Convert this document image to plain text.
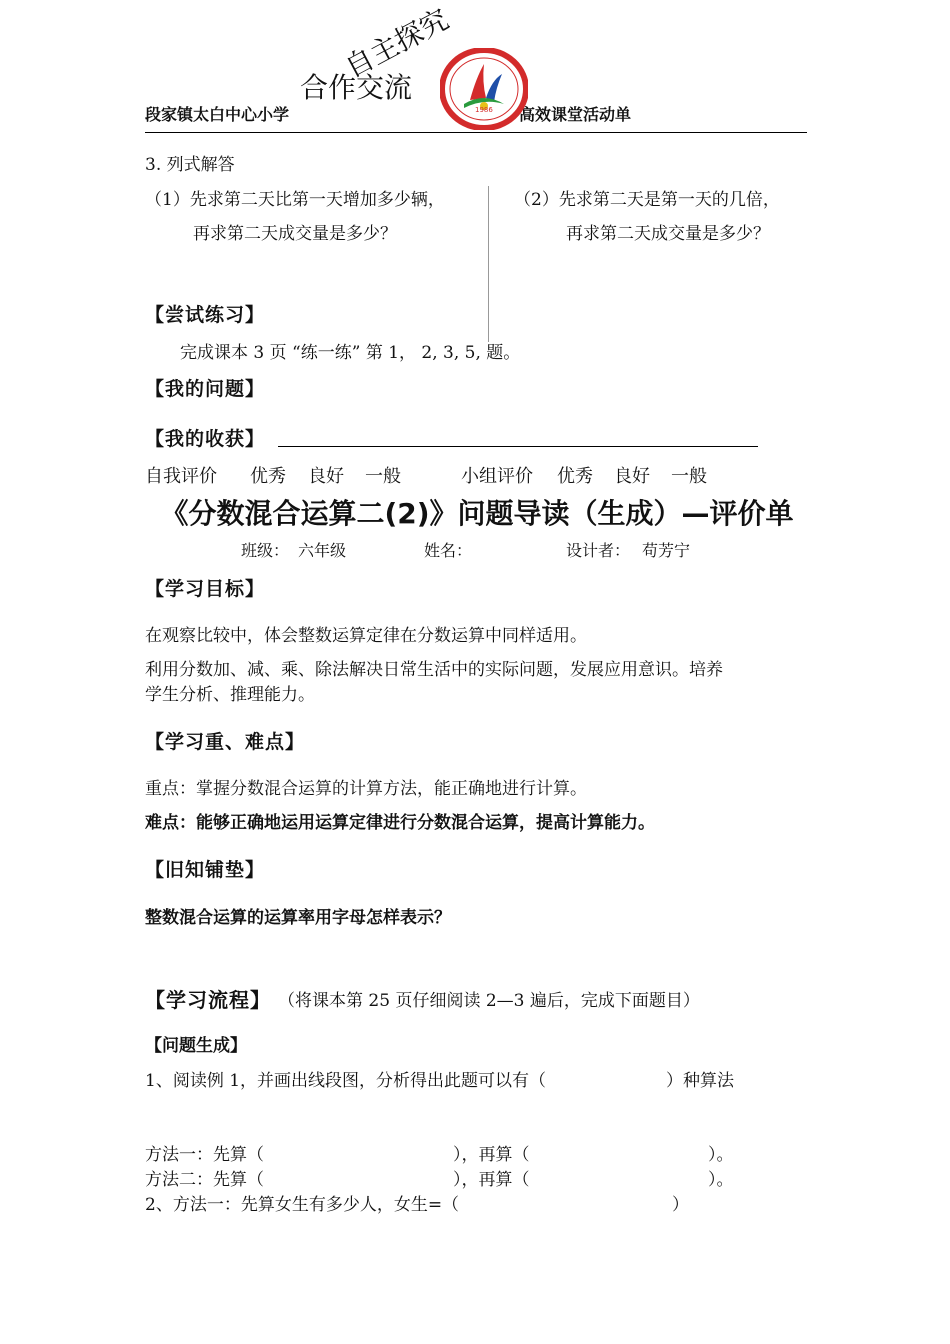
段家镇太白中心小学	高效课堂活动单
合作交流
自主探究
1986
3. 列式解答
（1）先求第二天比第一天增加多少辆，
再求第二天成交量是多少？
（2）先求第二天是第一天的几倍，
再求第二天成交量是多少？
【尝试练习】
完成课本 3 页 “练一练” 第 1， 2, 3, 5, 题。
【我的问题】
【我的收获】
自我评价 优秀 良好 一般	小组评价 优秀 良好 一般
《分数混合运算二(2)》问题导读（生成）—评价单
班级： 六年级	姓名：	设计者： 苟芳宁
【学习目标】
在观察比较中，体会整数运算定律在分数运算中同样适用。
利用分数加、减、乘、除法解决日常生活中的实际问题，发展应用意识。培养
学生分析、推理能力。
【学习重、难点】
重点：掌握分数混合运算的计算方法，能正确地进行计算。
难点：能够正确地运用运算定律进行分数混合运算，提高计算能力。
【旧知铺垫】
整数混合运算的运算率用字母怎样表示？
【学习流程】 （将课本第 25 页仔细阅读 2—3 遍后，完成下面题目）
【问题生成】
1、阅读例 1，并画出线段图，分析得出此题可以有（	）种算法
方法一：先算（	），再算（	）。
方法二：先算（	），再算（	）。
2、方法一：先算女生有多少人，女生=（	）
